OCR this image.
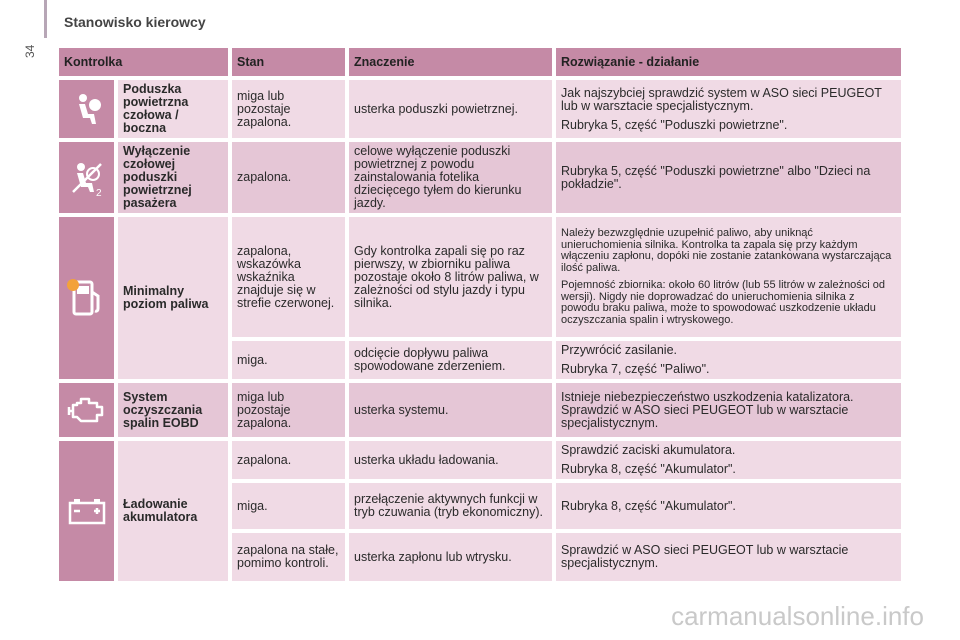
34
Stanowisko kierowcy
Kontrolka		Stan	Znaczenie	Rozwiązanie - działanie

	Poduszka powietrzna czołowa / boczna	miga lub pozostaje zapalona.	usterka poduszki powietrznej.	Jak najszybciej sprawdzić system w ASO sieci PEUGEOT lub w warsztacie specjalistycznym.
Rubryka 5, część "Poduszki powietrzne".

2	Wyłączenie czołowej poduszki powietrznej pasażera	zapalona.	celowe wyłączenie poduszki powietrznej z powodu zainstalowania fotelika dziecięcego tyłem do kierunku jazdy.	Rubryka 5, część "Poduszki powietrzne" albo "Dzieci na pokładzie".

	Minimalny poziom paliwa	zapalona, wskazówka wskaźnika znajduje się w strefie czerwonej.	Gdy kontrolka zapali się po raz pierwszy, w zbiorniku paliwa pozostaje około 8 litrów paliwa, w zależności od stylu jazdy i typu silnika.	Należy bezwzględnie uzupełnić paliwo, aby uniknąć unieruchomienia silnika. Kontrolka ta zapala się przy każdym włączeniu zapłonu, dopóki nie zostanie zatankowana wystarczająca ilość paliwa.
Pojemność zbiornika: około 60 litrów (lub 55 litrów w zależności od wersji). Nigdy nie doprowadzać do unieruchomienia silnika z powodu braku paliwa, może to spowodować uszkodzenie układu oczyszczania spalin i wtryskowego.

		miga.	odcięcie dopływu paliwa spowodowane zderzeniem.	Przywrócić zasilanie.
Rubryka 7, część "Paliwo".

	System oczyszczania spalin EOBD	miga lub pozostaje zapalona.	usterka systemu.	Istnieje niebezpieczeństwo uszkodzenia katalizatora. Sprawdzić w ASO sieci PEUGEOT lub w warsztacie specjalistycznym.

	Ładowanie akumulatora	zapalona.	usterka układu ładowania.	Sprawdzić zaciski akumulatora.
Rubryka 8, część "Akumulator".

		miga.	przełączenie aktywnych funkcji w tryb czuwania (tryb ekonomiczny).	Rubryka 8, część "Akumulator".
		zapalona na stałe, pomimo kontroli.	usterka zapłonu lub wtrysku.	Sprawdzić w ASO sieci PEUGEOT lub w warsztacie specjalistycznym.
carmanualsonline.info
